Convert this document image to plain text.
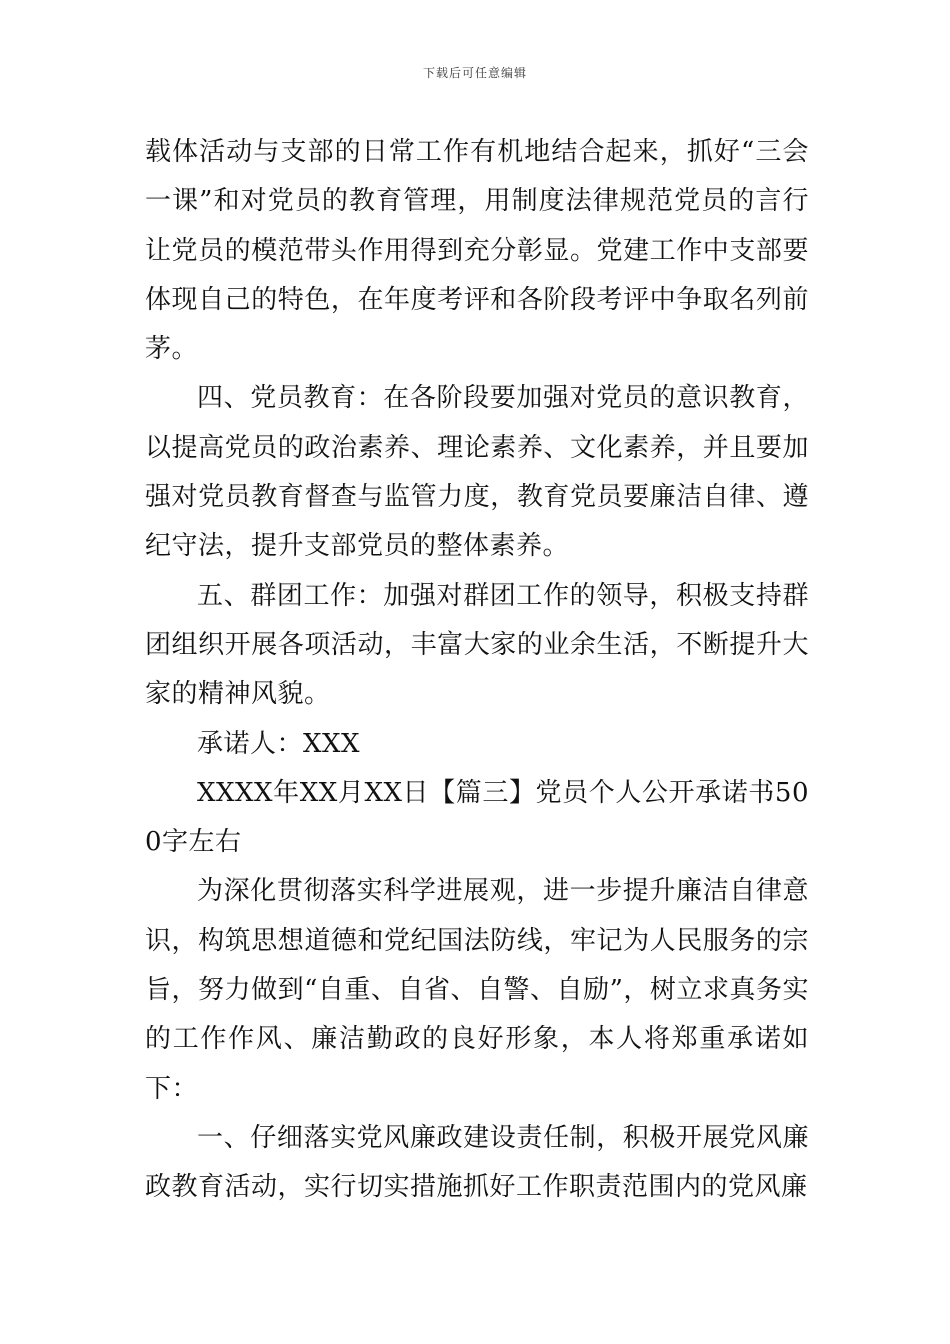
下载后可任意编辑

载体活动与支部的日常工作有机地结合起来，抓好“三会一课”和对党员的教育管理，用制度法律规范党员的言行让党员的模范带头作用得到充分彰显。党建工作中支部要体现自己的特色，在年度考评和各阶段考评中争取名列前茅。

四、党员教育：在各阶段要加强对党员的意识教育，以提高党员的政治素养、理论素养、文化素养，并且要加强对党员教育督查与监管力度，教育党员要廉洁自律、遵纪守法，提升支部党员的整体素养。

五、群团工作：加强对群团工作的领导，积极支持群团组织开展各项活动，丰富大家的业余生活，不断提升大家的精神风貌。

承诺人：XXX

XXXX年XX月XX日【篇三】党员个人公开承诺书500字左右

为深化贯彻落实科学进展观，进一步提升廉洁自律意识，构筑思想道德和党纪国法防线，牢记为人民服务的宗旨，努力做到“自重、自省、自警、自励”，树立求真务实的工作作风、廉洁勤政的良好形象，本人将郑重承诺如下：

一、仔细落实党风廉政建设责任制，积极开展党风廉政教育活动，实行切实措施抓好工作职责范围内的党风廉
